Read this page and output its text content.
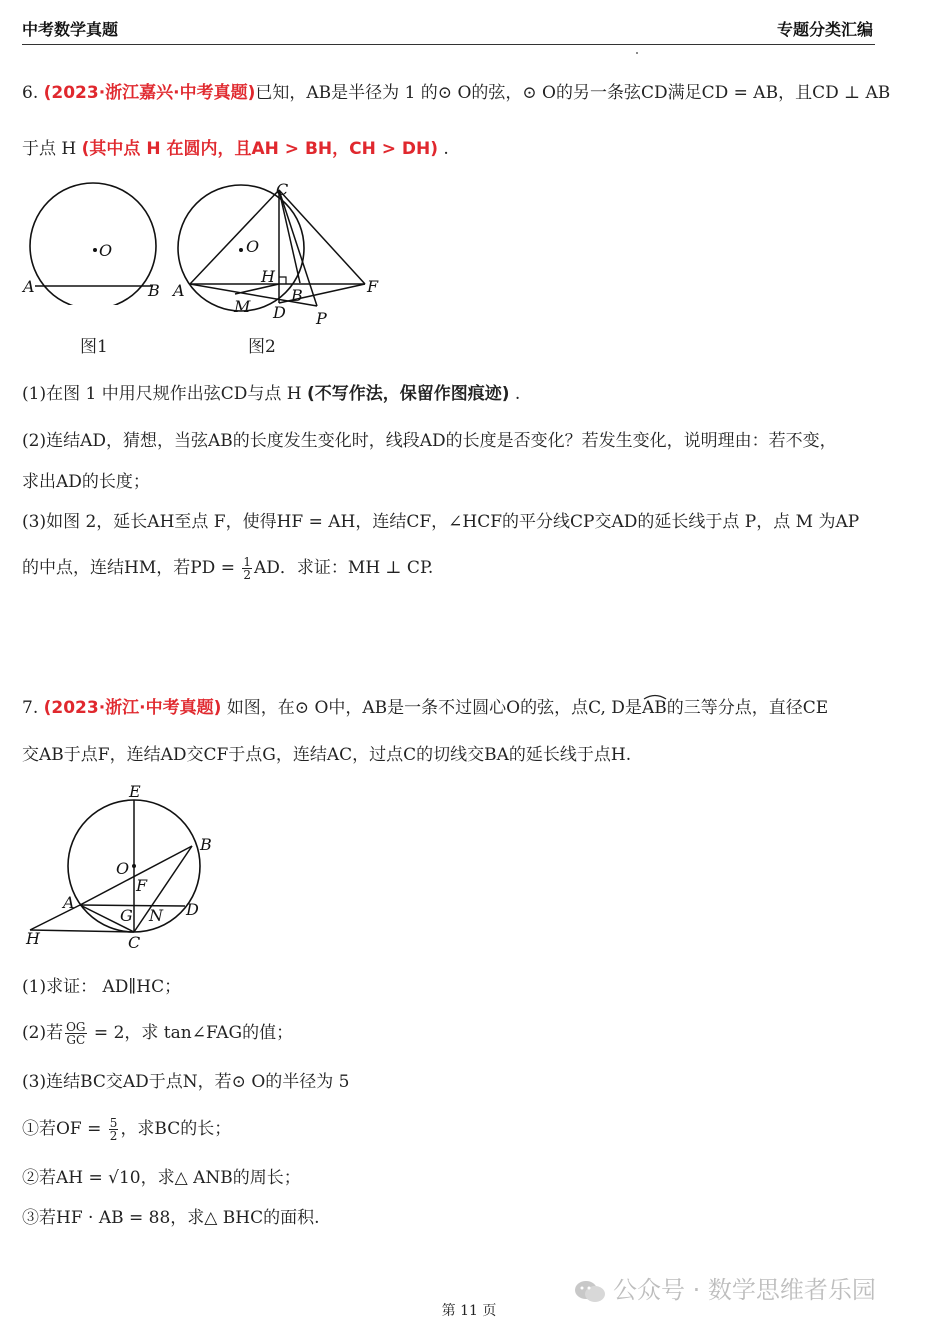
中考数学真题	专题分类汇编
6. (2023·浙江嘉兴·中考真题)已知，AB是半径为 1 的⊙ O的弦，⊙ O的另一条弦CD满足CD = AB，且CD ⊥ AB
于点 H (其中点 H 在圆内，且AH > BH，CH > DH) .
O
A	B
图1
C
O
H
A	B	F
M D P
图2
(1)在图 1 中用尺规作出弦CD与点 H (不写作法，保留作图痕迹) .
(2)连结AD，猜想，当弦AB的长度发生变化时，线段AD的长度是否变化？若发生变化，说明理由：若不变，
求出AD的长度；
(3)如图 2，延长AH至点 F，使得HF = AH，连结CF，∠HCF的平分线CP交AD的延长线于点 P，点 M 为AP
的中点，连结HM，若PD = $\frac{1}{2}$ AD．求证：MH ⊥ CP.
7. (2023·浙江·中考真题) 如图，在⊙ O中，AB是一条不过圆心O的弦，点C, D是
AB的三等分点，直径CE
交AB于点F，连结AD交CF于点G，连结AC，过点C的切线交BA的延长线于点H.
E
B
O
F
A
G N D
H	C
(1)求证： AD∥HC；
(2)若 $\frac{OG}{GC} = 2$，求 tan∠FAG的值；
(3)连结BC交AD于点N，若⊙ O的半径为 5
①若OF = $\frac{5}{2}$ ，求BC的长；
②若AH = √10，求△ ANB的周长；
③若HF · AB = 88，求△ BHC的面积.
公众号 · 数学思维者乐园
第 11 页
